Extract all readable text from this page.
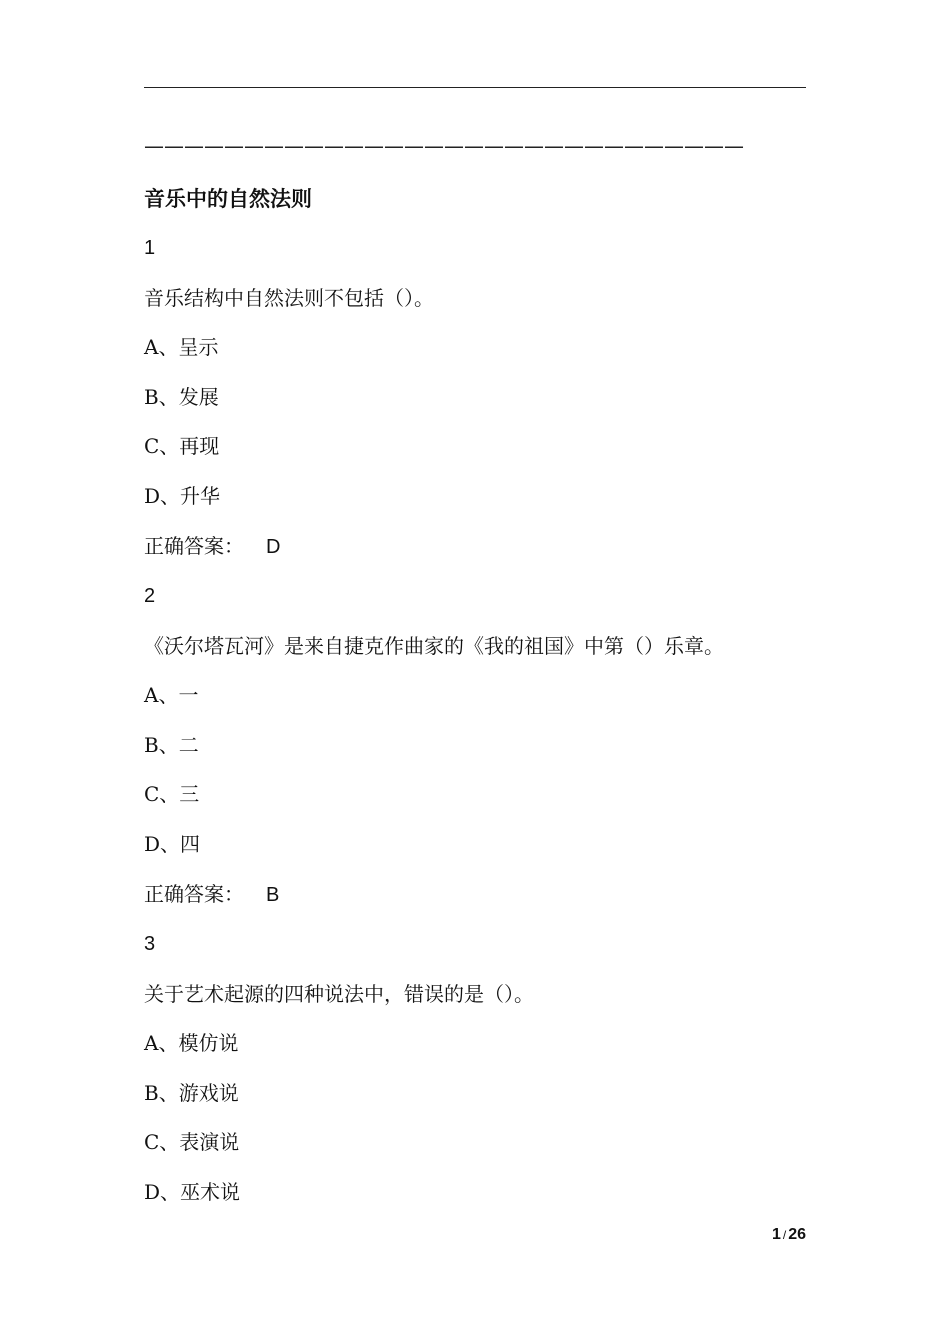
——————————————————————————————
音乐中的自然法则
1
音乐结构中自然法则不包括（）。
A、呈示
B、发展
C、再现
D、升华
正确答案： D
2
《沃尔塔瓦河》是来自捷克作曲家的《我的祖国》中第（）乐章。
A、一
B、二
C、三
D、四
正确答案： B
3
关于艺术起源的四种说法中，错误的是（）。
A、模仿说
B、游戏说
C、表演说
D、巫术说
1 / 26
